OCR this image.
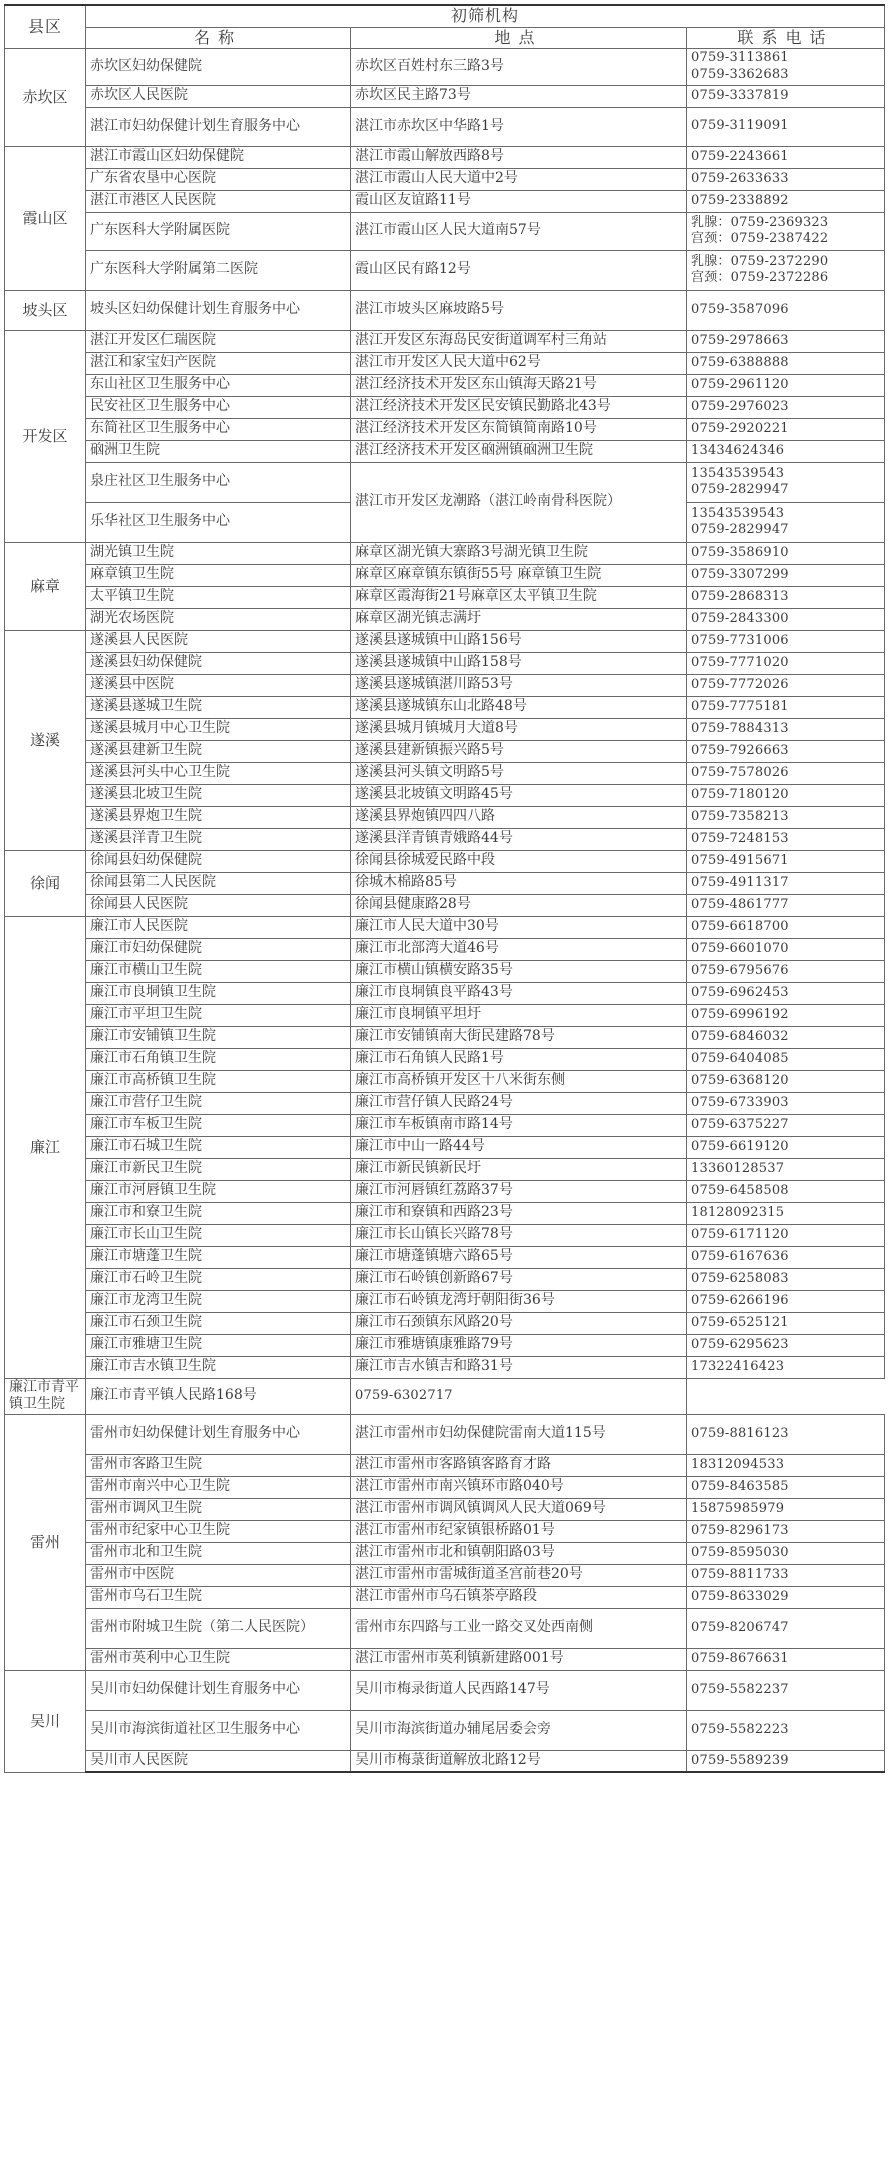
县区	初筛机构		
	名称	地点	联系电话
赤坎区	赤坎区妇幼保健院	赤坎区百姓村东三路3号	0759-3113861
0759-3362683

	赤坎区人民医院	赤坎区民主路73号	0759-3337819

	湛江市妇幼保健计划生育服务中心	湛江市赤坎区中华路1号	0759-3119091

霞山区	湛江市霞山区妇幼保健院	湛江市霞山解放西路8号	0759-2243661

	广东省农垦中心医院	湛江市霞山人民大道中2号	0759-2633633

	湛江市港区人民医院	霞山区友谊路11号	0759-2338892

	广东医科大学附属医院	湛江市霞山区人民大道南57号	乳腺：0759-2369323
宫颈：0759-2387422

	广东医科大学附属第二医院	霞山区民有路12号	乳腺：0759-2372290
宫颈：0759-2372286

坡头区	坡头区妇幼保健计划生育服务中心	湛江市坡头区麻坡路5号	0759-3587096

开发区	湛江开发区仁瑞医院	湛江开发区东海岛民安街道调军村三角站	0759-2978663

	湛江和家宝妇产医院	湛江市开发区人民大道中62号	0759-6388888

	东山社区卫生服务中心	湛江经济技术开发区东山镇海天路21号	0759-2961120

	民安社区卫生服务中心	湛江经济技术开发区民安镇民勤路北43号	0759-2976023

	东简社区卫生服务中心	湛江经济技术开发区东简镇简南路10号	0759-2920221

	硇洲卫生院	湛江经济技术开发区硇洲镇硇洲卫生院	13434624346

	泉庄社区卫生服务中心	湛江市开发区龙潮路（湛江岭南骨科医院）	13543539543
0759-2829947

	乐华社区卫生服务中心		13543539543
0759-2829947

麻章	湖光镇卫生院	麻章区湖光镇大寨路3号湖光镇卫生院	0759-3586910

	麻章镇卫生院	麻章区麻章镇东镇街55号 麻章镇卫生院	0759-3307299

	太平镇卫生院	麻章区霞海街21号麻章区太平镇卫生院	0759-2868313

	湖光农场医院	麻章区湖光镇志满圩	0759-2843300

遂溪	遂溪县人民医院	遂溪县遂城镇中山路156号	0759-7731006

	遂溪县妇幼保健院	遂溪县遂城镇中山路158号	0759-7771020

	遂溪县中医院	遂溪县遂城镇湛川路53号	0759-7772026

	遂溪县遂城卫生院	遂溪县遂城镇东山北路48号	0759-7775181

	遂溪县城月中心卫生院	遂溪县城月镇城月大道8号	0759-7884313

	遂溪县建新卫生院	遂溪县建新镇振兴路5号	0759-7926663

	遂溪县河头中心卫生院	遂溪县河头镇文明路5号	0759-7578026

	遂溪县北坡卫生院	遂溪县北坡镇文明路45号	0759-7180120

	遂溪县界炮卫生院	遂溪县界炮镇四四八路	0759-7358213

	遂溪县洋青卫生院	遂溪县洋青镇青娥路44号	0759-7248153

徐闻	徐闻县妇幼保健院	徐闻县徐城爱民路中段	0759-4915671

	徐闻县第二人民医院	徐城木棉路85号	0759-4911317

	徐闻县人民医院	徐闻县健康路28号	0759-4861777

廉江	廉江市人民医院	廉江市人民大道中30号	0759-6618700

	廉江市妇幼保健院	廉江市北部湾大道46号	0759-6601070

	廉江市横山卫生院	廉江市横山镇横安路35号	0759-6795676

	廉江市良垌镇卫生院	廉江市良垌镇良平路43号	0759-6962453

	廉江市平坦卫生院	廉江市良垌镇平坦圩	0759-6996192

	廉江市安铺镇卫生院	廉江市安铺镇南大街民建路78号	0759-6846032

	廉江市石角镇卫生院	廉江市石角镇人民路1号	0759-6404085

	廉江市高桥镇卫生院	廉江市高桥镇开发区十八米街东侧	0759-6368120

	廉江市营仔卫生院	廉江市营仔镇人民路24号	0759-6733903

	廉江市车板卫生院	廉江市车板镇南市路14号	0759-6375227

	廉江市石城卫生院	廉江市中山一路44号	0759-6619120

	廉江市新民卫生院	廉江市新民镇新民圩	13360128537

	廉江市河唇镇卫生院	廉江市河唇镇红荔路37号	0759-6458508

	廉江市和寮卫生院	廉江市和寮镇和西路23号	18128092315

	廉江市长山卫生院	廉江市长山镇长兴路78号	0759-6171120

	廉江市塘蓬卫生院	廉江市塘蓬镇塘六路65号	0759-6167636

	廉江市石岭卫生院	廉江市石岭镇创新路67号	0759-6258083

	廉江市龙湾卫生院	廉江市石岭镇龙湾圩朝阳街36号	0759-6266196

	廉江市石颈卫生院	廉江市石颈镇东风路20号	0759-6525121

	廉江市雅塘卫生院	廉江市雅塘镇康雅路79号	0759-6295623

	廉江市吉水镇卫生院	廉江市吉水镇吉和路31号	17322416423

廉江市青平镇卫生院	廉江市青平镇人民路168号	0759-6302717	

雷州	雷州市妇幼保健计划生育服务中心	湛江市雷州市妇幼保健院雷南大道115号	0759-8816123

	雷州市客路卫生院	湛江市雷州市客路镇客路育才路	18312094533

	雷州市南兴中心卫生院	湛江市雷州市南兴镇环市路040号	0759-8463585

	雷州市调风卫生院	湛江市雷州市调风镇调风人民大道069号	15875985979

	雷州市纪家中心卫生院	湛江市雷州市纪家镇银桥路01号	0759-8296173

	雷州市北和卫生院	湛江市雷州市北和镇朝阳路03号	0759-8595030

	雷州市中医院	湛江市雷州市雷城街道圣宫前巷20号	0759-8811733

	雷州市乌石卫生院	湛江市雷州市乌石镇茶亭路段	0759-8633029

	雷州市附城卫生院（第二人民医院）	雷州市东四路与工业一路交叉处西南侧	0759-8206747

	雷州市英利中心卫生院	湛江市雷州市英利镇新建路001号	0759-8676631

吴川	吴川市妇幼保健计划生育服务中心	吴川市梅录街道人民西路147号	0759-5582237

	吴川市海滨街道社区卫生服务中心	吴川市海滨街道办辅尾居委会旁	0759-5582223

	吴川市人民医院	吴川市梅菉街道解放北路12号	0759-5589239
